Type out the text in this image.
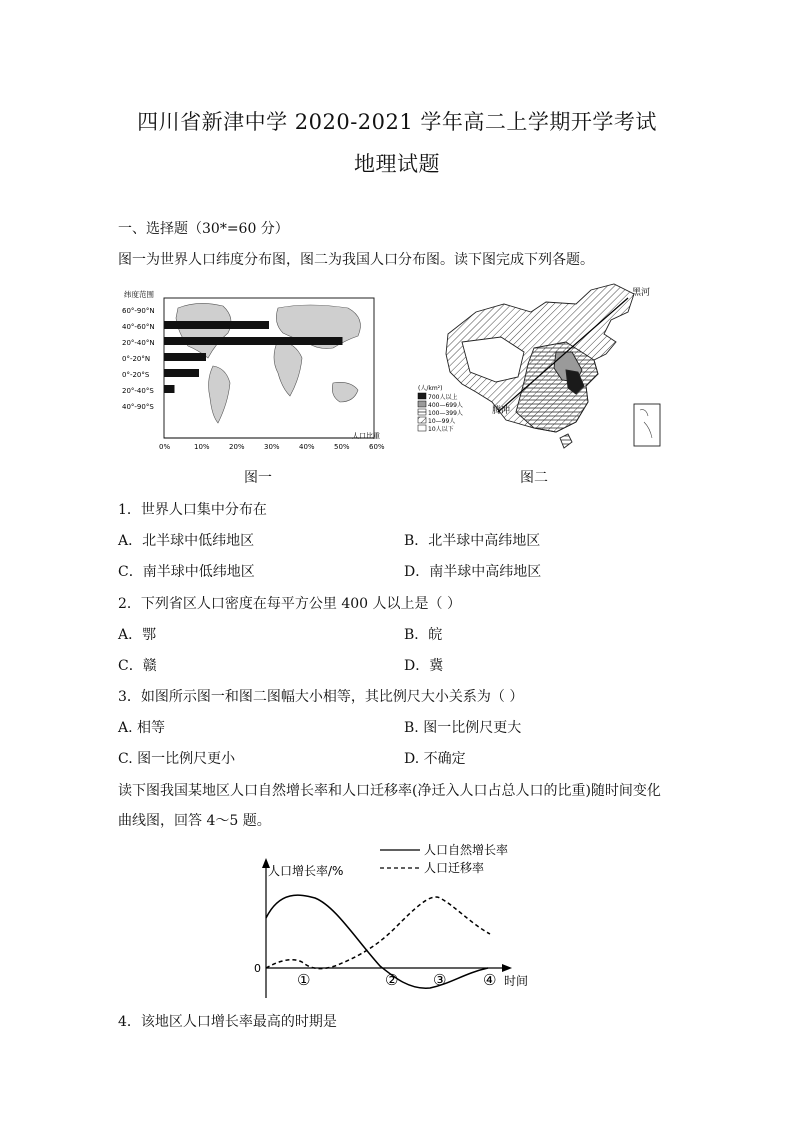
四川省新津中学 2020-2021 学年高二上学期开学考试
地理试题
一、选择题（30*=60 分）
图一为世界人口纬度分布图，图二为我国人口分布图。读下图完成下列各题。
纬度范围
60°-90°N
40°-60°N
20°-40°N
0°-20°N
0°-20°S
20°-40°S
40°-90°S
0%	10%	20%	30%	40%	50%	60%
人口比重
图一
黑河
腾冲
(人/km²)
700人以上
400—699人
100—399人
10—99人
10人以下
图二
1．世界人口集中分布在
A．北半球中低纬地区	B．北半球中高纬地区
C．南半球中低纬地区	D．南半球中高纬地区
2．下列省区人口密度在每平方公里 400 人以上是（ ）
A．鄂	B．皖
C．赣	D．冀
3．如图所示图一和图二图幅大小相等，其比例尺大小关系为（ ）
A. 相等	B. 图一比例尺更大
C. 图一比例尺更小	D. 不确定
读下图我国某地区人口自然增长率和人口迁移率(净迁入人口占总人口的比重)随时间变化
曲线图，回答 4～5 题。
人口自然增长率
人口迁移率
人口增长率/%
0
时间
①	② ③ ④
4．该地区人口增长率最高的时期是
